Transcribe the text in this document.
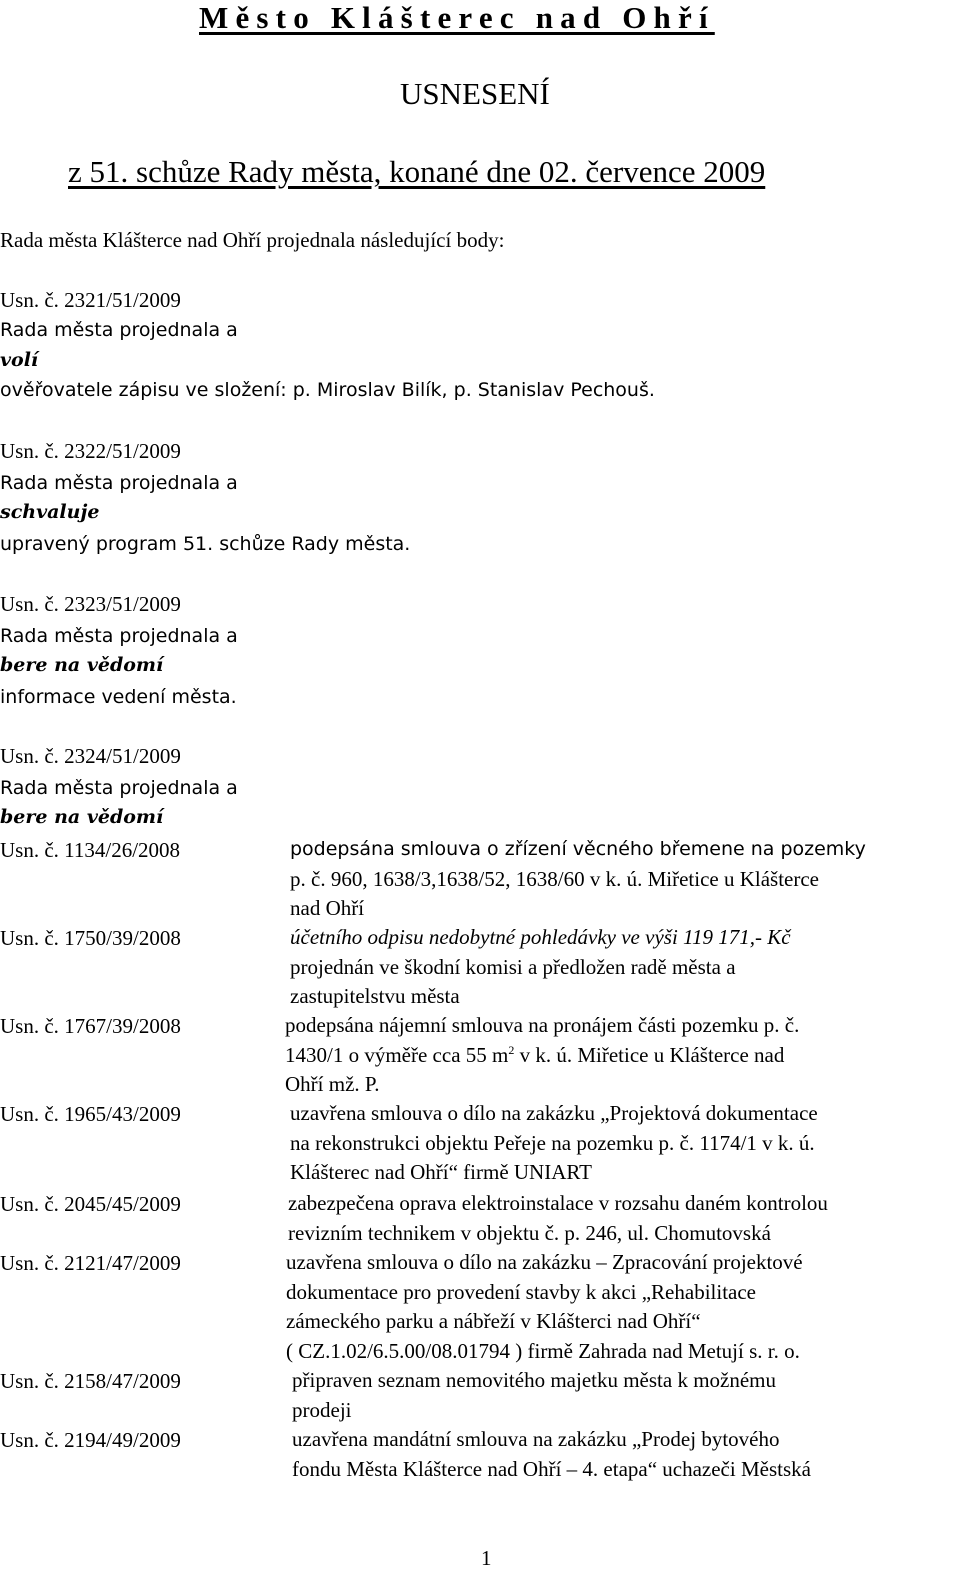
Město Klášterec nad Ohří
USNESENÍ
z 51. schůze Rady města, konané dne 02. července 2009
Rada města Klášterce nad Ohří projednala následující body:
Usn. č. 2321/51/2009
Rada města projednala a
volí
ověřovatele zápisu ve složení: p. Miroslav Bilík, p. Stanislav Pechouš.
Usn. č. 2322/51/2009
Rada města projednala a
schvaluje
upravený program 51. schůze Rady města.
Usn. č. 2323/51/2009
Rada města projednala a
bere na vědomí
informace vedení města.
Usn. č. 2324/51/2009
Rada města projednala a
bere na vědomí
Usn. č. 1134/26/2008	podepsána smlouva o zřízení věcného břemene na pozemky
p. č. 960, 1638/3,1638/52, 1638/60 v k. ú. Miřetice u Klášterce
nad Ohří
Usn. č. 1750/39/2008	účetního odpisu nedobytné pohledávky ve výši 119 171,- Kč
projednán ve škodní komisi a předložen radě města a
zastupitelstvu města
Usn. č. 1767/39/2008	podepsána nájemní smlouva na pronájem části pozemku p. č.
1430/1 o výměře cca 55 $m^2$ v k. ú. Miřetice u Klášterce nad
Ohří mž. P.
Usn. č. 1965/43/2009	uzavřena smlouva o dílo na zakázku „Projektová dokumentace
na rekonstrukci objektu Peřeje na pozemku p. č. 1174/1 v k. ú.
Klášterec nad Ohří“ firmě UNIART
Usn. č. 2045/45/2009	zabezpečena oprava elektroinstalace v rozsahu daném kontrolou
revizním technikem v objektu č. p. 246, ul. Chomutovská
Usn. č. 2121/47/2009	uzavřena smlouva o dílo na zakázku – Zpracování projektové
dokumentace pro provedení stavby k akci „Rehabilitace
zámeckého parku a nábřeží v Klášterci nad Ohří“
( CZ.1.02/6.5.00/08.01794 ) firmě Zahrada nad Metují s. r. o.
Usn. č. 2158/47/2009	připraven seznam nemovitého majetku města k možnému
prodeji
Usn. č. 2194/49/2009	uzavřena mandátní smlouva na zakázku „Prodej bytového
fondu Města Klášterce nad Ohří – 4. etapa“ uchazeči Městská
1
